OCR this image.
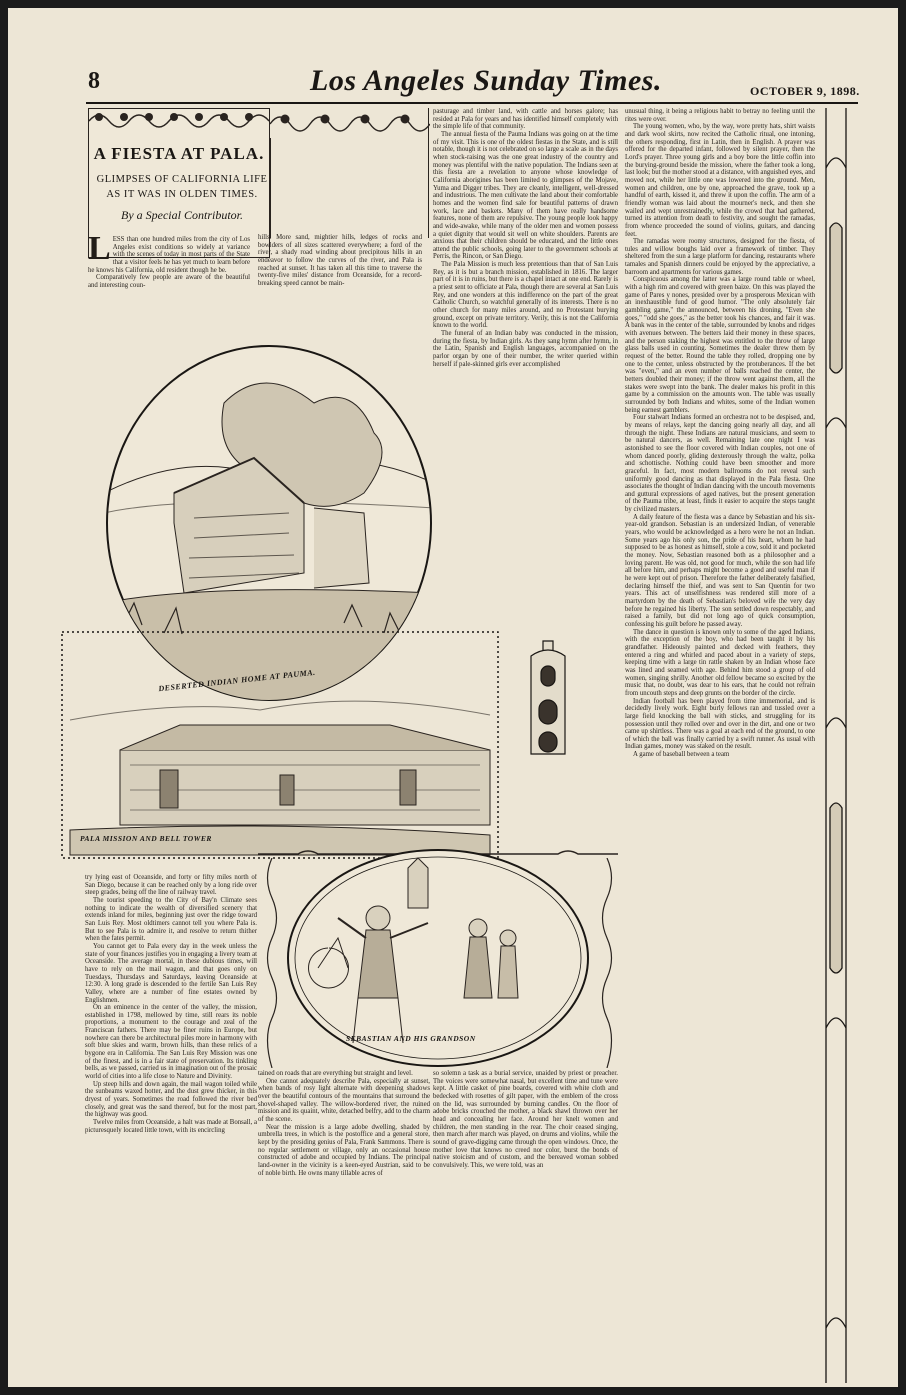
8	Los Angeles Sunday Times.	OCTOBER 9, 1898.
A FIESTA AT PALA.
GLIMPSES OF CALIFORNIA LIFE AS IT WAS IN OLDEN TIMES.
By a Special Contributor.

LESS than one hundred miles from the city of Los Angeles exist conditions so widely at variance with the scenes of today in most parts of the State that a visitor feels he has yet much to learn before he knows his California, old resident though he be.

Comparatively few people are aware of the beautiful and interesting coun-

hills. More sand, mightier hills, ledges of rocks and bowlders of all sizes scattered everywhere; a ford of the river, a shady road winding about precipitous hills in an endeavor to follow the curves of the river, and Pala is reached at sunset. It has taken all this time to traverse the twenty-five miles' distance from Oceanside, for a record-breaking speed cannot be main-

pasturage and timber land, with cattle and horses galore; has resided at Pala for years and has identified himself completely with the simple life of that community.

The annual fiesta of the Pauma Indians was going on at the time of my visit. This is one of the oldest fiestas in the State, and is still notable, though it is not celebrated on so large a scale as in the days when stock-raising was the one great industry of the country and money was plentiful with the native population. The Indians seen at this fiesta are a revelation to anyone whose knowledge of California aborigines has been limited to glimpses of the Mojave, Yuma and Digger tribes. They are cleanly, intelligent, well-dressed and industrious. The men cultivate the land about their comfortable homes and the women find sale for beautiful patterns of drawn work, lace and baskets. Many of them have really handsome features, none of them are repulsive. The young people look happy and wide-awake, while many of the older men and women possess a quiet dignity that would sit well on white shoulders. Parents are anxious that their children should be educated, and the little ones attend the public schools, going later to the government schools at Perris, the Rincon, or San Diego.

The Pala Mission is much less pretentious than that of San Luis Rey, as it is but a branch mission, established in 1816. The larger part of it is in ruins, but there is a chapel intact at one end. Rarely is a priest sent to officiate at Pala, though there are several at San Luis Rey, and one wonders at this indifference on the part of the great Catholic Church, so watchful generally of its interests. There is no other church for many miles around, and no Protestant burying ground, except on private territory. Verily, this is not the California known to the world.

The funeral of an Indian baby was conducted in the mission, during the fiesta, by Indian girls. As they sang hymn after hymn, in the Latin, Spanish and English languages, accompanied on the parlor organ by one of their number, the writer queried within herself if pale-skinned girls ever accomplished

unusual thing, it being a religious habit to betray no feeling until the rites were over.

The young women, who, by the way, wore pretty hats, shirt waists and dark wool skirts, now recited the Catholic ritual, one intoning, the others responding, first in Latin, then in English. A prayer was offered for the departed infant, followed by silent prayer, then the Lord's prayer. Three young girls and a boy bore the little coffin into the burying-ground beside the mission, where the father took a long, last look; but the mother stood at a distance, with anguished eyes, and moved not, while her little one was lowered into the ground. Men, women and children, one by one, approached the grave, took up a handful of earth, kissed it, and threw it upon the coffin. The arm of a friendly woman was laid about the mourner's neck, and then she wailed and wept unrestrainedly, while the crowd that had gathered, turned its attention from death to festivity, and sought the ramadas, from whence proceeded the sound of violins, guitars, and dancing feet.

The ramadas were roomy structures, designed for the fiesta, of tules and willow boughs laid over a framework of timber. They sheltered from the sun a large platform for dancing, restaurants where tamales and Spanish dinners could be enjoyed by the appreciative, a barroom and apartments for various games.

Conspicuous among the latter was a large round table or wheel, with a high rim and covered with green baize. On this was played the game of Pares y nones, presided over by a prosperous Mexican with an inexhaustible fund of good humor. "The only absolutely fair gambling game," the announced, between his droning, "Even she goes," "odd she goes," as the better took his chances, and fair it was. A bank was in the center of the table, surrounded by knobs and ridges with avenues between. The betters laid their money in these spaces, and the person staking the highest was entitled to the throw of large glass balls used in counting. Sometimes the dealer threw them by request of the better. Round the table they rolled, dropping one by one to the center, unless obstructed by the protuberances. If the bet was "even," and an even number of balls reached the center, the betters doubled their money; if the throw went against them, all the stakes were swept into the bank. The dealer makes his profit in this game by a commission on the amounts won. The table was usually surrounded by both Indians and whites, some of the Indian women being earnest gamblers.

Four stalwart Indians formed an orchestra not to be despised, and, by means of relays, kept the dancing going nearly all day, and all through the night. These Indians are natural musicians, and seem to be natural dancers, as well. Remaining late one night I was astonished to see the floor covered with Indian couples, not one of whom danced poorly, gliding dexterously through the waltz, polka and schottische. Nothing could have been smoother and more graceful. In fact, most modern ballrooms do not reveal such uniformly good dancing as that displayed in the Pala fiesta. One associates the thought of Indian dancing with the uncouth movements and guttural expressions of aged natives, but the present generation of the Pauma tribe, at least, finds it easier to acquire the steps taught by civilized masters.

A daily feature of the fiesta was a dance by Sebastian and his six-year-old grandson. Sebastian is an undersized Indian, of venerable years, who would be acknowledged as a hero were he not an Indian. Some years ago his only son, the pride of his heart, whom he had supposed to be as honest as himself, stole a cow, sold it and pocketed the money. Now, Sebastian reasoned both as a philosopher and a loving parent. He was old, not good for much, while the son had life all before him, and perhaps might become a good and useful man if he were kept out of prison. Therefore the father deliberately falsified, declaring himself the thief, and was sent to San Quentin for two years. This act of unselfishness was rendered still more of a martyrdom by the death of Sebastian's beloved wife the very day before he regained his liberty. The son settled down respectably, and raised a family, but did not long ago of quick consumption, confessing his guilt before he passed away.

The dance in question is known only to some of the aged Indians, with the exception of the boy, who had been taught it by his grandfather. Hideously painted and decked with feathers, they entered a ring and whirled and paced about in a variety of steps, keeping time with a large tin rattle shaken by an Indian whose face was lined and seamed with age. Behind him stood a group of old women, singing shrilly. Another old fellow became so excited by the music that, no doubt, was dear to his ears, that he could not refrain from uncouth steps and deep grunts on the border of the circle.

Indian football has been played from time immemorial, and is decidedly lively work. Eight burly fellows ran and tussled over a large field knocking the ball with sticks, and struggling for its possession until they rolled over and over in the dirt, and one or two came up shirtless. There was a goal at each end of the ground, to one of which the ball was finally carried by a swift runner. As usual with Indian games, money was staked on the result.

A game of baseball between a team

DESERTED INDIAN HOME AT PAUMA.
PALA MISSION AND BELL TOWER

try lying east of Oceanside, and forty or fifty miles north of San Diego, because it can be reached only by a long ride over steep grades, being off the line of railway travel.

The tourist speeding to the City of Bay'n Climate sees nothing to indicate the wealth of diversified scenery that extends inland for miles, beginning just over the ridge toward San Luis Rey. Most oldtimers cannot tell you where Pala is. But to see Pala is to admire it, and resolve to return thither when the fates permit.

You cannot get to Pala every day in the week unless the state of your finances justifies you in engaging a livery team at Oceanside. The average mortal, in these dubious times, will have to rely on the mail wagon, and that goes only on Tuesdays, Thursdays and Saturdays, leaving Oceanside at 12:30. A long grade is descended to the fertile San Luis Rey Valley, where are a number of fine estates owned by Englishmen.

On an eminence in the center of the valley, the mission, established in 1798, mellowed by time, still rears its noble proportions, a monument to the courage and zeal of the Franciscan fathers. There may be finer ruins in Europe, but nowhere can there be architectural piles more in harmony with soft blue skies and warm, brown hills, than these relics of a bygone era in California. The San Luis Rey Mission was one of the finest, and is in a fair state of preservation. Its tinkling bells, as we passed, carried us in imagination out of the prosaic world of cities into a life close to Nature and Divinity.

Up steep hills and down again, the mail wagon toiled while the sunbeams waxed hotter, and the dust grew thicker, in this dryest of years. Sometimes the road followed the river bed closely, and great was the sand thereof, but for the most part, the highway was good.

Twelve miles from Oceanside, a halt was made at Bonsall, a picturesquely located little town, with its encircling

SEBASTIAN AND HIS GRANDSON

tained on roads that are everything but straight and level.

One cannot adequately describe Pala, especially at sunset, when bands of rosy light alternate with deepening shadows over the beautiful contours of the mountains that surround the shovel-shaped valley. The willow-bordered river, the ruined mission and its quaint, white, detached belfry, add to the charm of the scene.

Near the mission is a large adobe dwelling, shaded by umbrella trees, in which is the postoffice and a general store, kept by the presiding genius of Pala, Frank Sammons. There is no regular settlement or village, only an occasional house constructed of adobe and occupied by Indians. The principal land-owner in the vicinity is a keen-eyed Austrian, said to be of noble birth. He owns many tillable acres of

so solemn a task as a burial service, unaided by priest or preacher. The voices were somewhat nasal, but excellent time and tune were kept. A little casket of pine boards, covered with white cloth and bedecked with rosettes of gilt paper, with the emblem of the cross on the lid, was surrounded by burning candles. On the floor of adobe bricks crouched the mother, a black shawl thrown over her head and concealing her face. Around her knelt women and children, the men standing in the rear. The choir ceased singing, then march after march was played, on drums and violins, while the sound of grave-digging came through the open windows. Once, the mother love that knows no creed nor color, burst the bonds of native stoicism and of custom, and the bereaved woman sobbed convulsively. This, we were told, was an
